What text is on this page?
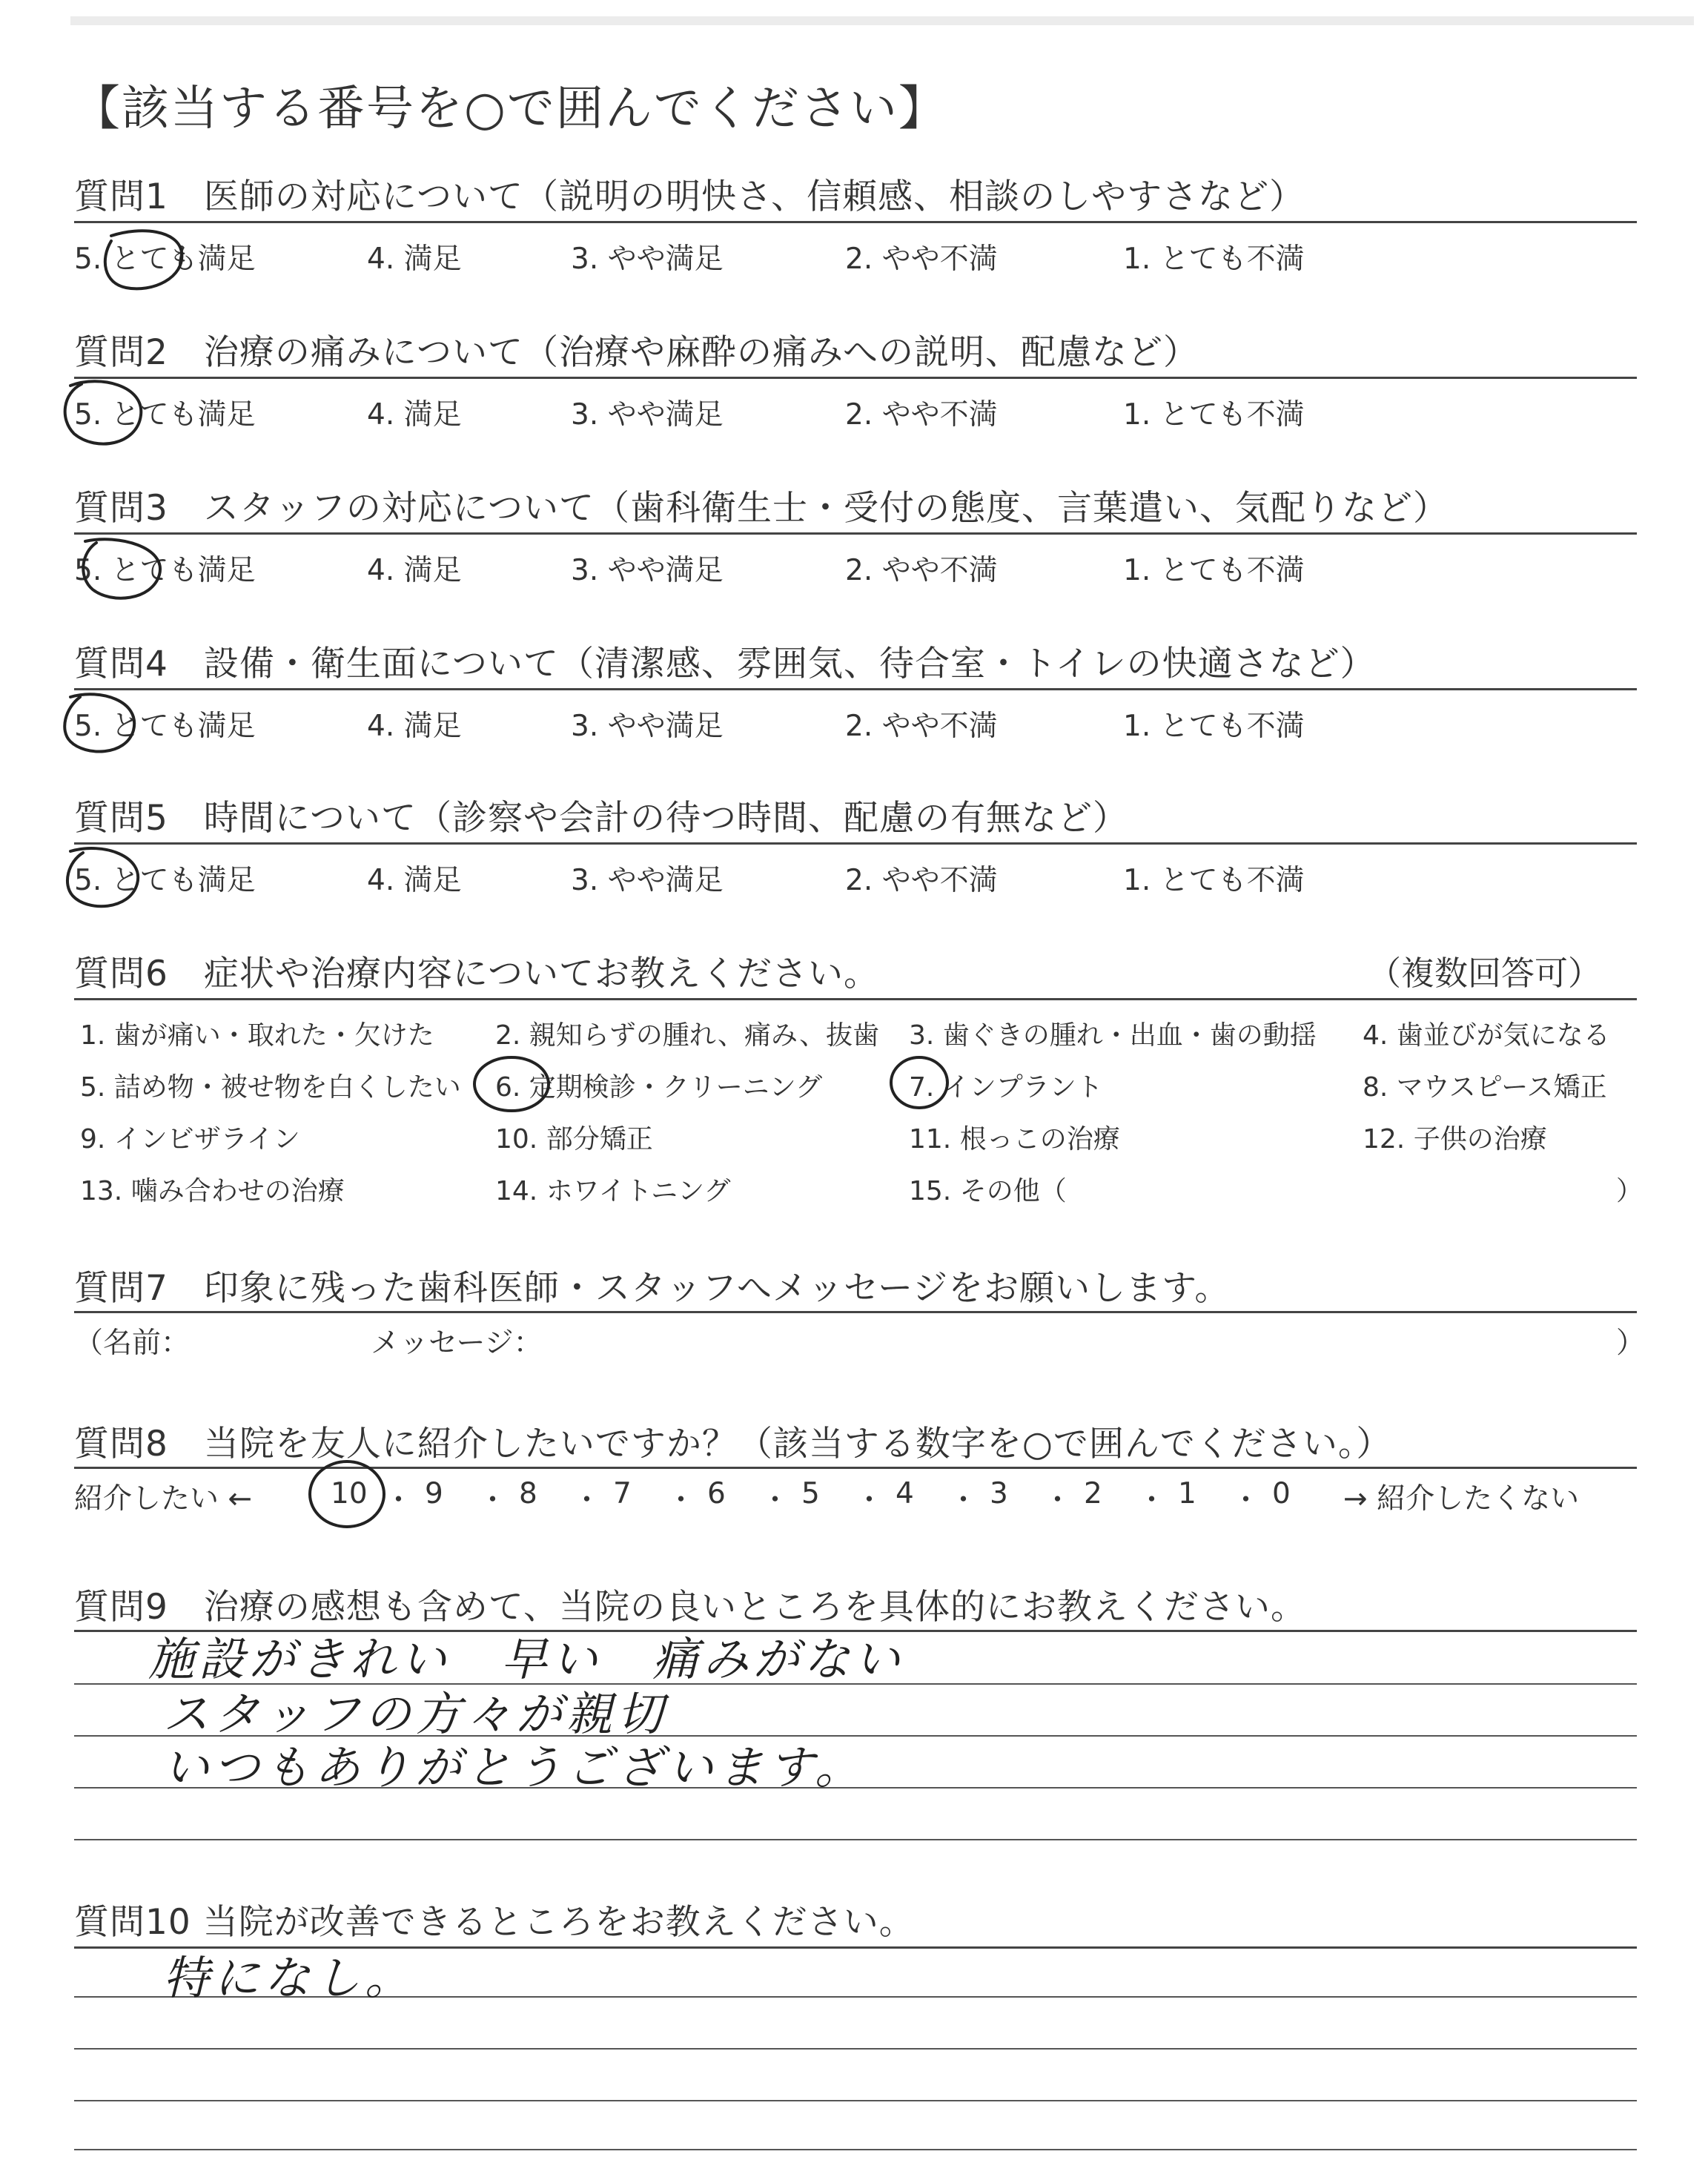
【該当する番号を○で囲んでください】
質問1　医師の対応について（説明の明快さ、信頼感、相談のしやすさなど）
5. とても満足	4. 満足	3. やや満足	2. やや不満	1. とても不満
質問2　治療の痛みについて（治療や麻酔の痛みへの説明、配慮など）
5. とても満足	4. 満足	3. やや満足	2. やや不満	1. とても不満
質問3　スタッフの対応について（歯科衛生士・受付の態度、言葉遣い、気配りなど）
5. とても満足	4. 満足	3. やや満足	2. やや不満	1. とても不満
質問4　設備・衛生面について（清潔感、雰囲気、待合室・トイレの快適さなど）
5. とても満足	4. 満足	3. やや満足	2. やや不満	1. とても不満
質問5　時間について（診察や会計の待つ時間、配慮の有無など）
5. とても満足	4. 満足	3. やや満足	2. やや不満	1. とても不満
質問6　症状や治療内容についてお教えください。	（複数回答可）
1. 歯が痛い・取れた・欠けた 2. 親知らずの腫れ、痛み、抜歯 3. 歯ぐきの腫れ・出血・歯の動揺 4. 歯並びが気になる
5. 詰め物・被せ物を白くしたい 6. 定期検診・クリーニング	7. インプラント	8. マウスピース矯正
9. インビザライン	10. 部分矯正	11. 根っこの治療	12. 子供の治療
13. 噛み合わせの治療	14. ホワイトニング	15. その他（	）
質問7　印象に残った歯科医師・スタッフへメッセージをお願いします。
（名前：	メッセージ：	）
質問8　当院を友人に紹介したいですか？（該当する数字を○で囲んでください。）
紹介したい ←	10 ・ 9 ・ 8 ・ 7 ・ 6 ・ 5 ・ 4 ・ 3 ・ 2 ・ 1 ・ 0 → 紹介したくない
質問9　治療の感想も含めて、当院の良いところを具体的にお教えください。
施設がきれい　早い　痛みがない
スタッフの方々が親切
いつもありがとうございます。
質問10 当院が改善できるところをお教えください。
特になし。
